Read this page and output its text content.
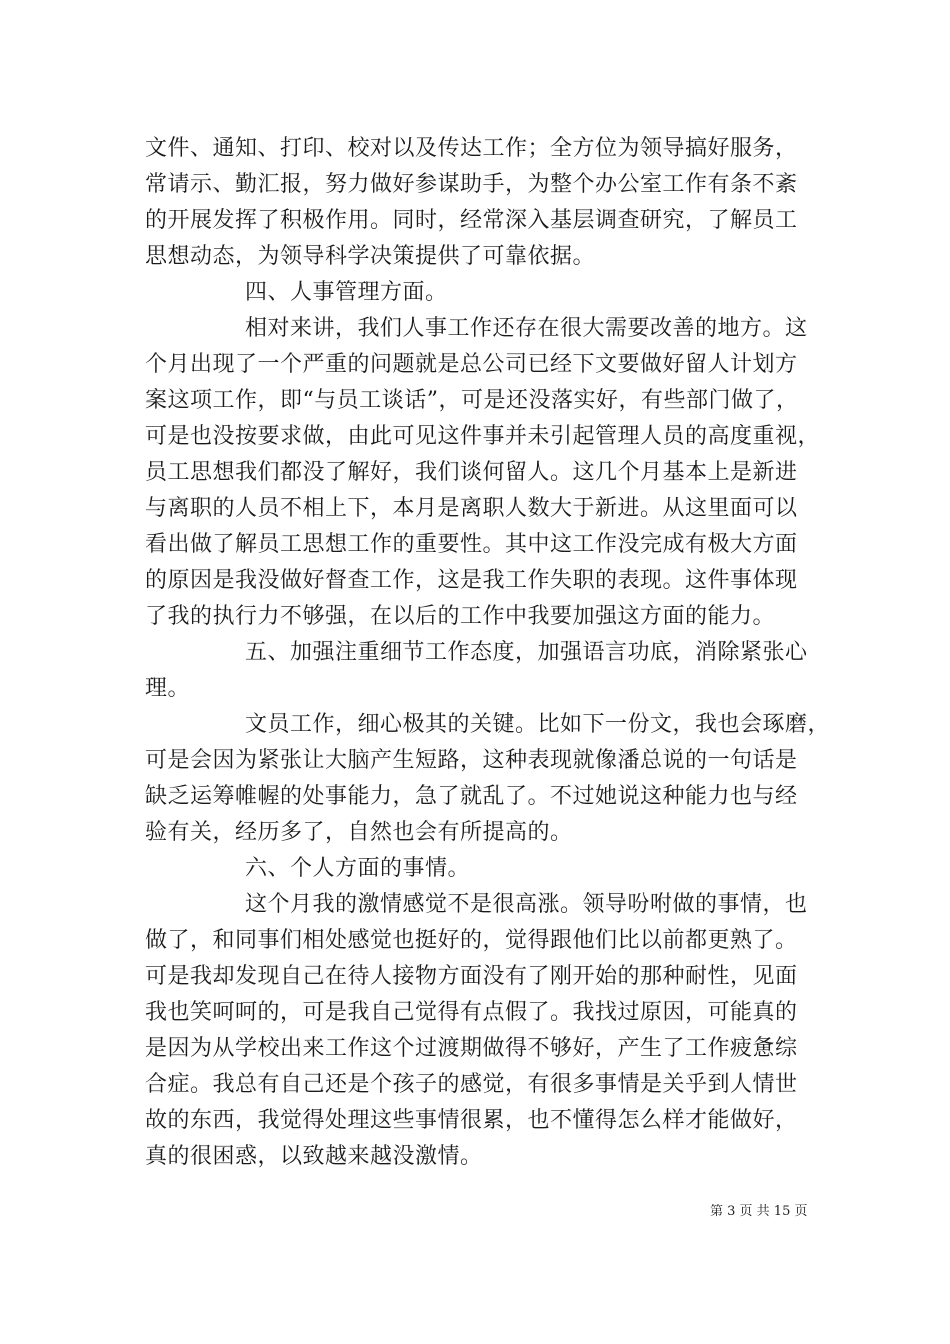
文件、通知、打印、校对以及传达工作；全方位为领导搞好服务，
常请示、勤汇报，努力做好参谋助手，为整个办公室工作有条不紊
的开展发挥了积极作用。同时，经常深入基层调查研究，了解员工
思想动态，为领导科学决策提供了可靠依据。
四、人事管理方面。
相对来讲，我们人事工作还存在很大需要改善的地方。这
个月出现了一个严重的问题就是总公司已经下文要做好留人计划方
案这项工作，即“与员工谈话”，可是还没落实好，有些部门做了，
可是也没按要求做，由此可见这件事并未引起管理人员的高度重视，
员工思想我们都没了解好，我们谈何留人。这几个月基本上是新进
与离职的人员不相上下，本月是离职人数大于新进。从这里面可以
看出做了解员工思想工作的重要性。其中这工作没完成有极大方面
的原因是我没做好督查工作，这是我工作失职的表现。这件事体现
了我的执行力不够强，在以后的工作中我要加强这方面的能力。
五、加强注重细节工作态度，加强语言功底，消除紧张心
理。
文员工作，细心极其的关键。比如下一份文，我也会琢磨，
可是会因为紧张让大脑产生短路，这种表现就像潘总说的一句话是
缺乏运筹帷幄的处事能力，急了就乱了。不过她说这种能力也与经
验有关，经历多了，自然也会有所提高的。
六、个人方面的事情。
这个月我的激情感觉不是很高涨。领导吩咐做的事情，也
做了，和同事们相处感觉也挺好的，觉得跟他们比以前都更熟了。
可是我却发现自己在待人接物方面没有了刚开始的那种耐性，见面
我也笑呵呵的，可是我自己觉得有点假了。我找过原因，可能真的
是因为从学校出来工作这个过渡期做得不够好，产生了工作疲惫综
合症。我总有自己还是个孩子的感觉，有很多事情是关乎到人情世
故的东西，我觉得处理这些事情很累，也不懂得怎么样才能做好，
真的很困惑，以致越来越没激情。
第 3 页 共 15 页
